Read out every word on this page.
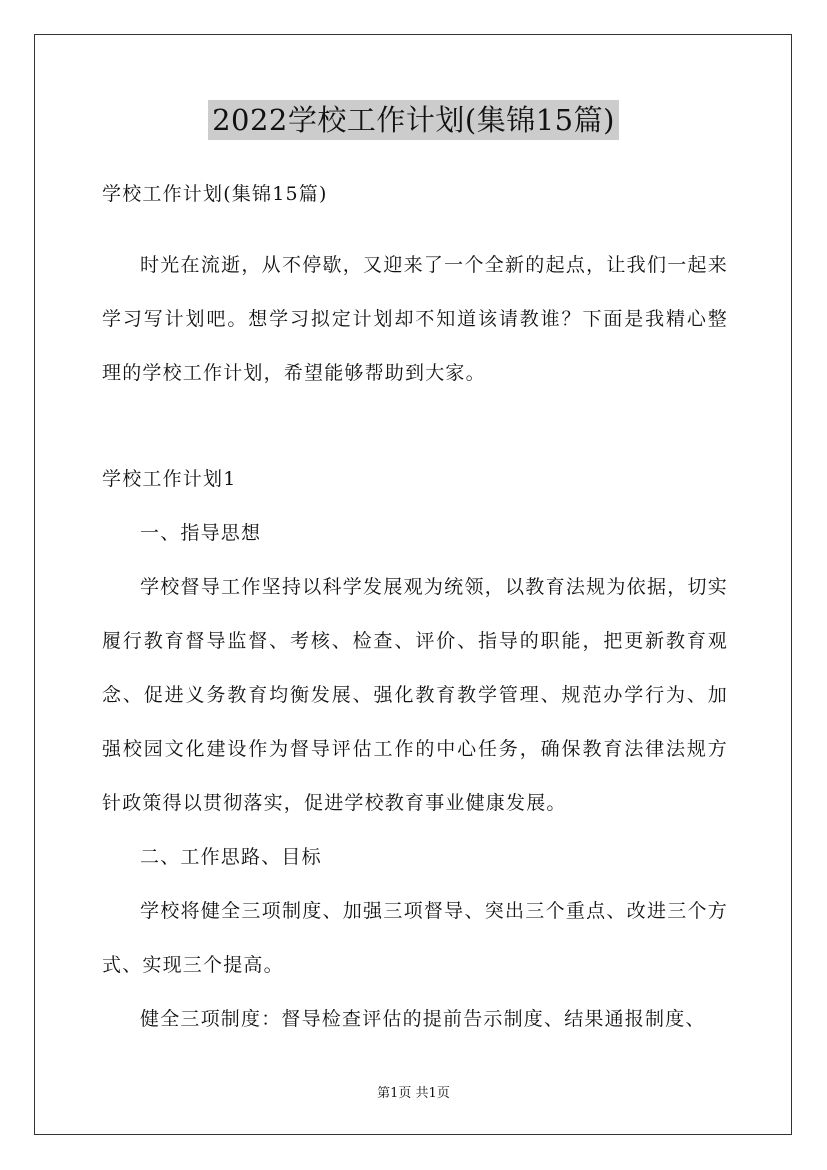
2022学校工作计划(集锦15篇)

学校工作计划(集锦15篇)

时光在流逝，从不停歇，又迎来了一个全新的起点，让我们一起来学习写计划吧。想学习拟定计划却不知道该请教谁？下面是我精心整理的学校工作计划，希望能够帮助到大家。

学校工作计划1

一、指导思想

学校督导工作坚持以科学发展观为统领，以教育法规为依据，切实履行教育督导监督、考核、检查、评价、指导的职能，把更新教育观念、促进义务教育均衡发展、强化教育教学管理、规范办学行为、加强校园文化建设作为督导评估工作的中心任务，确保教育法律法规方针政策得以贯彻落实，促进学校教育事业健康发展。

二、工作思路、目标

学校将健全三项制度、加强三项督导、突出三个重点、改进三个方式、实现三个提高。

健全三项制度：督导检查评估的提前告示制度、结果通报制度、

第1页 共1页
